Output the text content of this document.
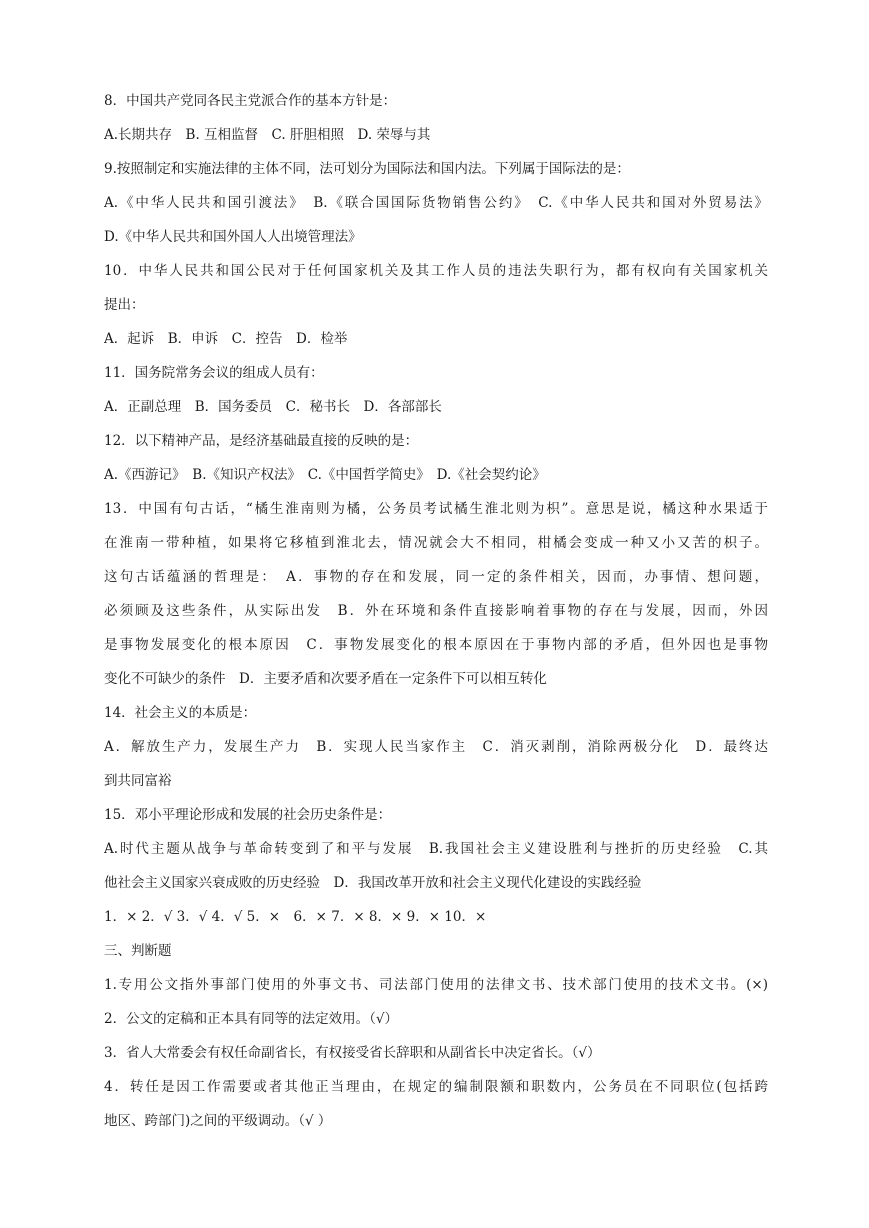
8．中国共产党同各民主党派合作的基本方针是：
A.长期共存　B. 互相监督　C. 肝胆相照　D. 荣辱与其
9.按照制定和实施法律的主体不同，法可划分为国际法和国内法。下列属于国际法的是：
A.《中华人民共和国引渡法》　B.《联合国国际货物销售公约》　C.《中华人民共和国对外贸易法》
D.《中华人民共和国外国人人出境管理法》
10．中华人民共和国公民对于任何国家机关及其工作人员的违法失职行为，都有权向有关国家机关
提出：
A．起诉　B．申诉　C．控告　D．检举
11．国务院常务会议的组成人员有：
A．正副总理　B．国务委员　C．秘书长　D．各部部长
12．以下精神产品，是经济基础最直接的反映的是：
A.《西游记》　B.《知识产权法》　C.《中国哲学简史》　D.《社会契约论》
13．中国有句古话，“橘生淮南则为橘，公务员考试橘生淮北则为枳”。意思是说，橘这种水果适于
在淮南一带种植，如果将它移植到淮北去，情况就会大不相同，柑橘会变成一种又小又苦的枳子。
这句古话蕴涵的哲理是：　A．事物的存在和发展，同一定的条件相关，因而，办事情、想问题，
必须顾及这些条件，从实际出发　B．外在环境和条件直接影响着事物的存在与发展，因而，外因
是事物发展变化的根本原因　C．事物发展变化的根本原因在于事物内部的矛盾，但外因也是事物
变化不可缺少的条件　D．主要矛盾和次要矛盾在一定条件下可以相互转化
14．社会主义的本质是：
A．解放生产力，发展生产力　B．实现人民当家作主　C．消灭剥削，消除两极分化　D．最终达
到共同富裕
15．邓小平理论形成和发展的社会历史条件是：
A.时代主题从战争与革命转变到了和平与发展　B.我国社会主义建设胜利与挫折的历史经验　C.其
他社会主义国家兴衰成败的历史经验　D．我国改革开放和社会主义现代化建设的实践经验
1．× 2．√ 3．√ 4．√ 5．×　6．× 7．× 8．× 9．× 10．×
三、判断题
1.专用公文指外事部门使用的外事文书、司法部门使用的法律文书、技术部门使用的技术文书。(×)
2．公文的定稿和正本具有同等的法定效用。（√）
3．省人大常委会有权任命副省长，有权接受省长辞职和从副省长中决定省长。（√）
4．转任是因工作需要或者其他正当理由，在规定的编制限额和职数内，公务员在不同职位(包括跨
地区、跨部门)之间的平级调动。（√ ）
